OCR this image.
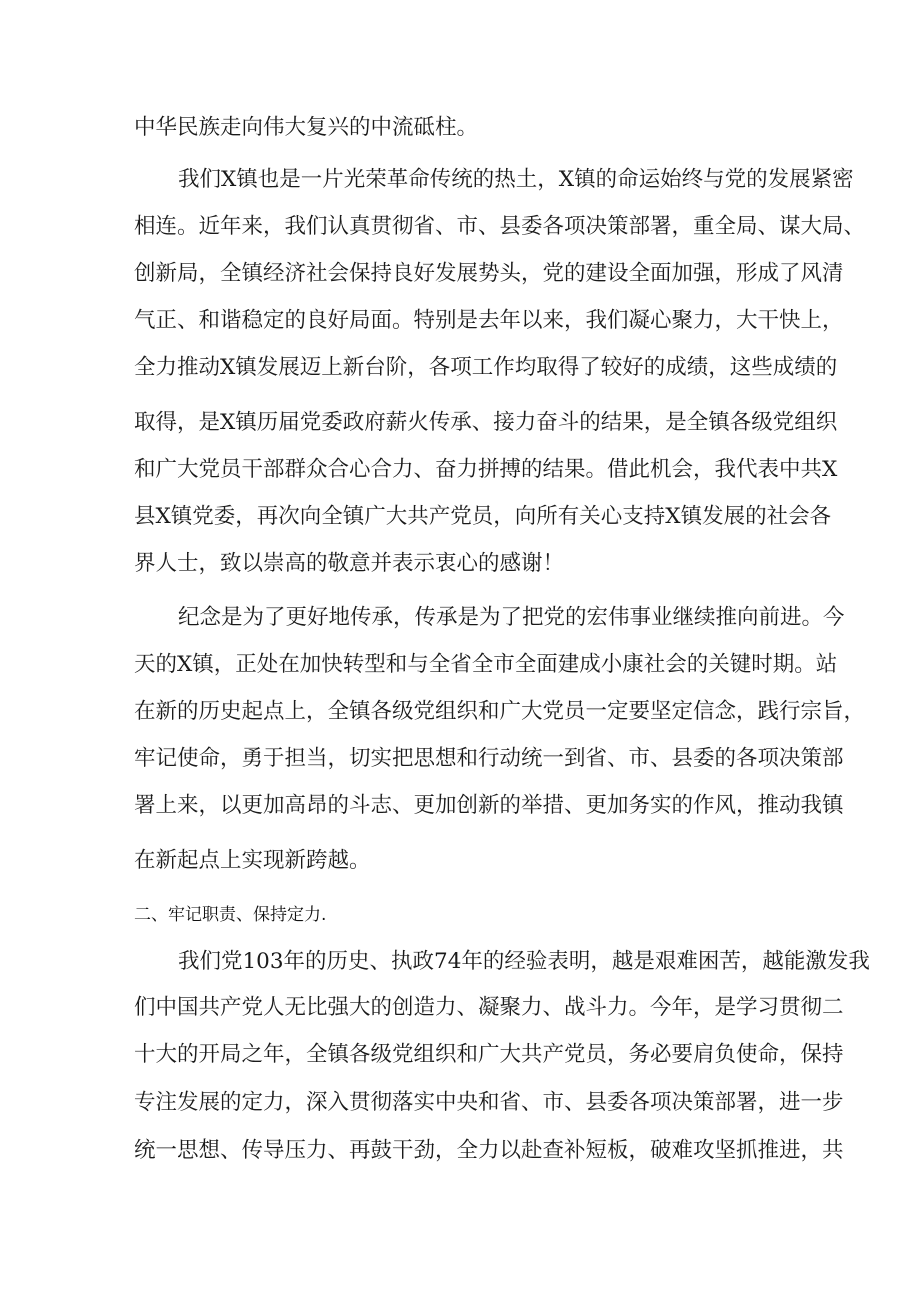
中华民族走向伟大复兴的中流砥柱。
我们X镇也是一片光荣革命传统的热土，X镇的命运始终与党的发展紧密
相连。近年来，我们认真贯彻省、市、县委各项决策部署，重全局、谋大局、
创新局，全镇经济社会保持良好发展势头，党的建设全面加强，形成了风清
气正、和谐稳定的良好局面。特别是去年以来，我们凝心聚力，大干快上，
全力推动X镇发展迈上新台阶，各项工作均取得了较好的成绩，这些成绩的
取得，是X镇历届党委政府薪火传承、接力奋斗的结果，是全镇各级党组织
和广大党员干部群众合心合力、奋力拼搏的结果。借此机会，我代表中共X
县X镇党委，再次向全镇广大共产党员，向所有关心支持X镇发展的社会各
界人士，致以崇高的敬意并表示衷心的感谢！
纪念是为了更好地传承，传承是为了把党的宏伟事业继续推向前进。今
天的X镇，正处在加快转型和与全省全市全面建成小康社会的关键时期。站
在新的历史起点上，全镇各级党组织和广大党员一定要坚定信念，践行宗旨，
牢记使命，勇于担当，切实把思想和行动统一到省、市、县委的各项决策部
署上来，以更加高昂的斗志、更加创新的举措、更加务实的作风，推动我镇
在新起点上实现新跨越。
二、牢记职责、保持定力.
我们党103年的历史、执政74年的经验表明，越是艰难困苦，越能激发我
们中国共产党人无比强大的创造力、凝聚力、战斗力。今年，是学习贯彻二
十大的开局之年，全镇各级党组织和广大共产党员，务必要肩负使命，保持
专注发展的定力，深入贯彻落实中央和省、市、县委各项决策部署，进一步
统一思想、传导压力、再鼓干劲，全力以赴查补短板，破难攻坚抓推进，共
